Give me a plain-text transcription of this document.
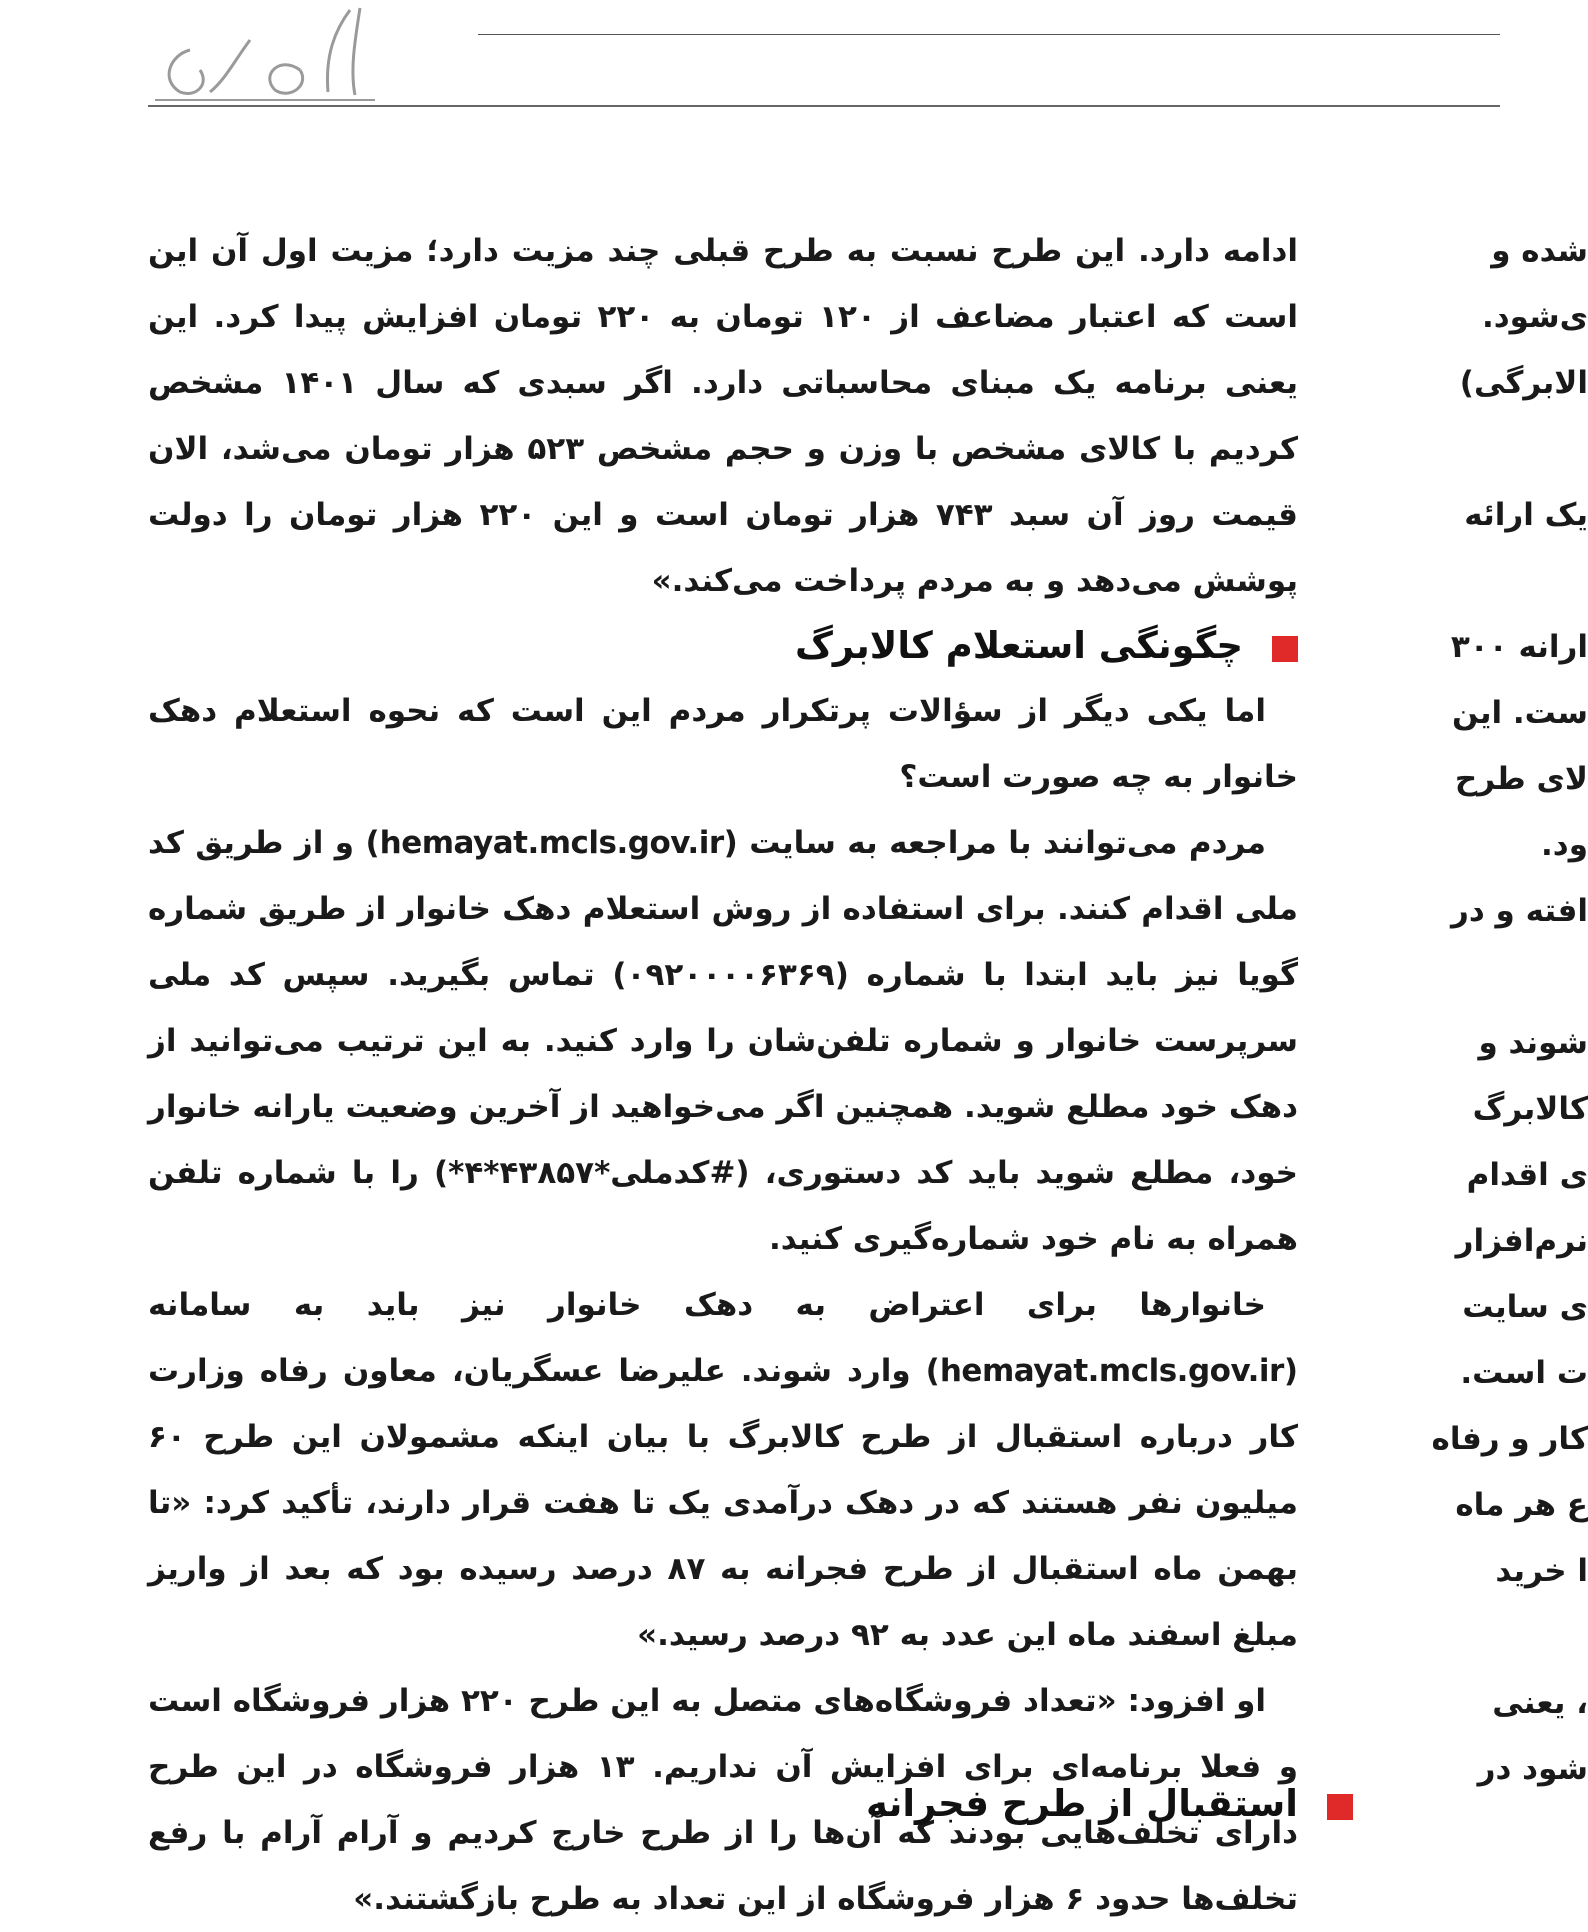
ادامه دارد. این طرح نسبت به طرح قبلی چند مزیت دارد؛ مزیت اول آن این است که اعتبار مضاعف از ۱۲۰ تومان به ۲۲۰ تومان افزایش پیدا کرد. این یعنی برنامه یک مبنای محاسباتی دارد. اگر سبدی که سال ۱۴۰۱ مشخص کردیم با کالای مشخص با وزن و حجم مشخص ۵۲۳ هزار تومان می‌شد، الان قیمت روز آن سبد ۷۴۳ هزار تومان است و این ۲۲۰ هزار تومان را دولت پوشش می‌دهد و به مردم پرداخت می‌کند.»

چگونگی استعلام کالابرگ

اما یکی دیگر از سؤالات پرتکرار مردم این است که نحوه استعلام دهک خانوار به چه صورت است؟

مردم می‌توانند با مراجعه به سایت (hemayat.mcls.gov.ir) و از طریق کد ملی اقدام کنند. برای استفاده از روش استعلام دهک خانوار از طریق شماره گویا نیز باید ابتدا با شماره (۰۹۲۰۰۰۰۶۳۶۹) تماس بگیرید. سپس کد ملی سرپرست خانوار و شماره تلفن‌شان را وارد کنید. به این ترتیب می‌توانید از دهک خود مطلع شوید. همچنین اگر می‌خواهید از آخرین وضعیت یارانه خانوار خود، مطلع شوید باید کد دستوری، (#کدملی*۴۳۸۵۷*۴*) را با شماره تلفن همراه به نام خود شماره‌گیری کنید.

خانوارها برای اعتراض به دهک خانوار نیز باید به سامانه (hemayat.mcls.gov.ir) وارد شوند. علیرضا عسگریان، معاون رفاه وزارت کار درباره استقبال از طرح کالابرگ با بیان اینکه مشمولان این طرح ۶۰ میلیون نفر هستند که در دهک درآمدی یک تا هفت قرار دارند، تأکید کرد: «تا بهمن ماه استقبال از طرح فجرانه به ۸۷ درصد رسیده بود که بعد از واریز مبلغ اسفند ماه این عدد به ۹۲ درصد رسید.»

او افزود: «تعداد فروشگاه‌های متصل به این طرح ۲۲۰ هزار فروشگاه است و فعلا برنامه‌ای برای افزایش آن نداریم. ۱۳ هزار فروشگاه در این طرح دارای تخلف‌هایی بودند که آن‌ها را از طرح خارج کردیم و آرام آرام با رفع تخلف‌ها حدود ۶ هزار فروشگاه از این تعداد به طرح بازگشتند.»

استقبال از طرح فجرانه
شده و
ی‌شود.
الابرگی)
یک ارائه
ارانه ۳۰۰
ست. این
لای طرح
ود.
افته و در
شوند و
کالابرگ
ی اقدام
نرم‌افزار
ی سایت
ت است.
کار و رفاه
ع هر ماه
ا خرید
، یعنی
شود در
